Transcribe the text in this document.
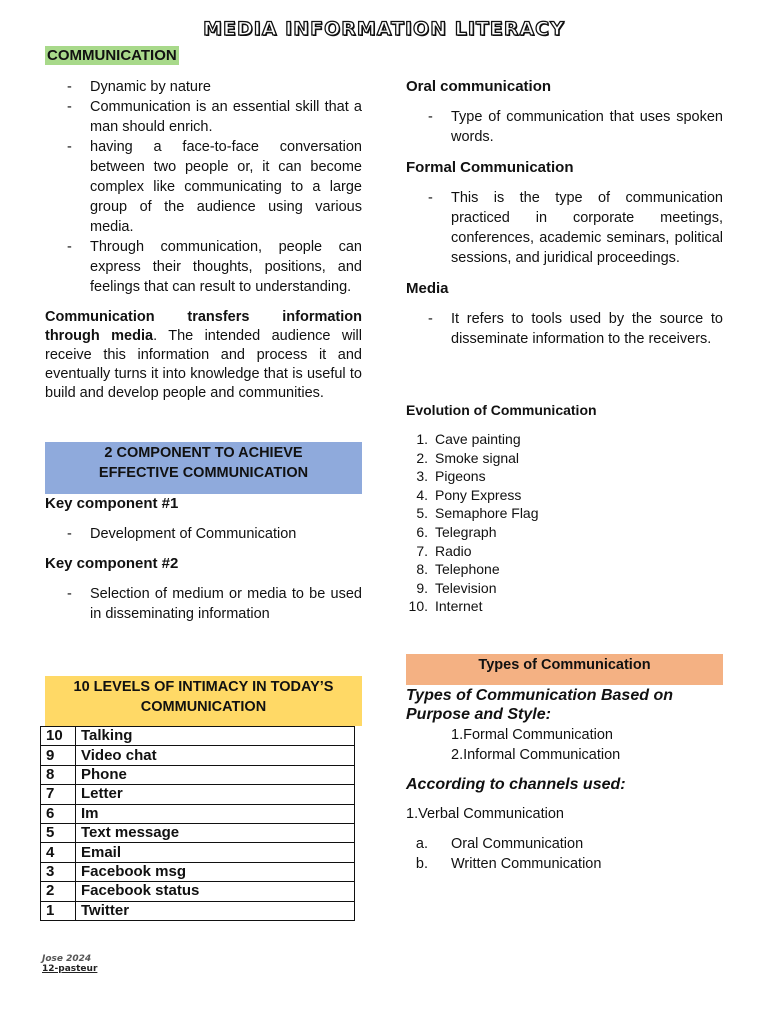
MEDIA INFORMATION LITERACY
COMMUNICATION
- Dynamic by nature
- Communication is an essential skill that a man should enrich.
- having a face-to-face conversation between two people or, it can become complex like communicating to a large group of the audience using various media.
- Through communication, people can express their thoughts, positions, and feelings that can result to understanding.
Communication transfers information through media. The intended audience will receive this information and process it and eventually turns it into knowledge that is useful to build and develop people and communities.
2 COMPONENT TO ACHIEVE EFFECTIVE COMMUNICATION
Key component #1
- Development of Communication
Key component #2
- Selection of medium or media to be used in disseminating information
10 LEVELS OF INTIMACY IN TODAY’S COMMUNICATION
10	Talking
9	Video chat
8	Phone
7	Letter
6	Im
5	Text message
4	Email
3	Facebook msg
2	Facebook status
1	Twitter
Jose 2024
12-pasteur
Oral communication
- Type of communication that uses spoken words.
Formal Communication
- This is the type of communication practiced in corporate meetings, conferences, academic seminars, political sessions, and juridical proceedings.
Media
- It refers to tools used by the source to disseminate information to the receivers.
Evolution of Communication
1. Cave painting
2. Smoke signal
3. Pigeons
4. Pony Express
5. Semaphore Flag
6. Telegraph
7. Radio
8. Telephone
9. Television
10. Internet
Types of Communication
Types of Communication Based on Purpose and Style:
1.Formal Communication
2.Informal Communication
According to channels used:
1.Verbal Communication
a. Oral Communication
b. Written Communication
